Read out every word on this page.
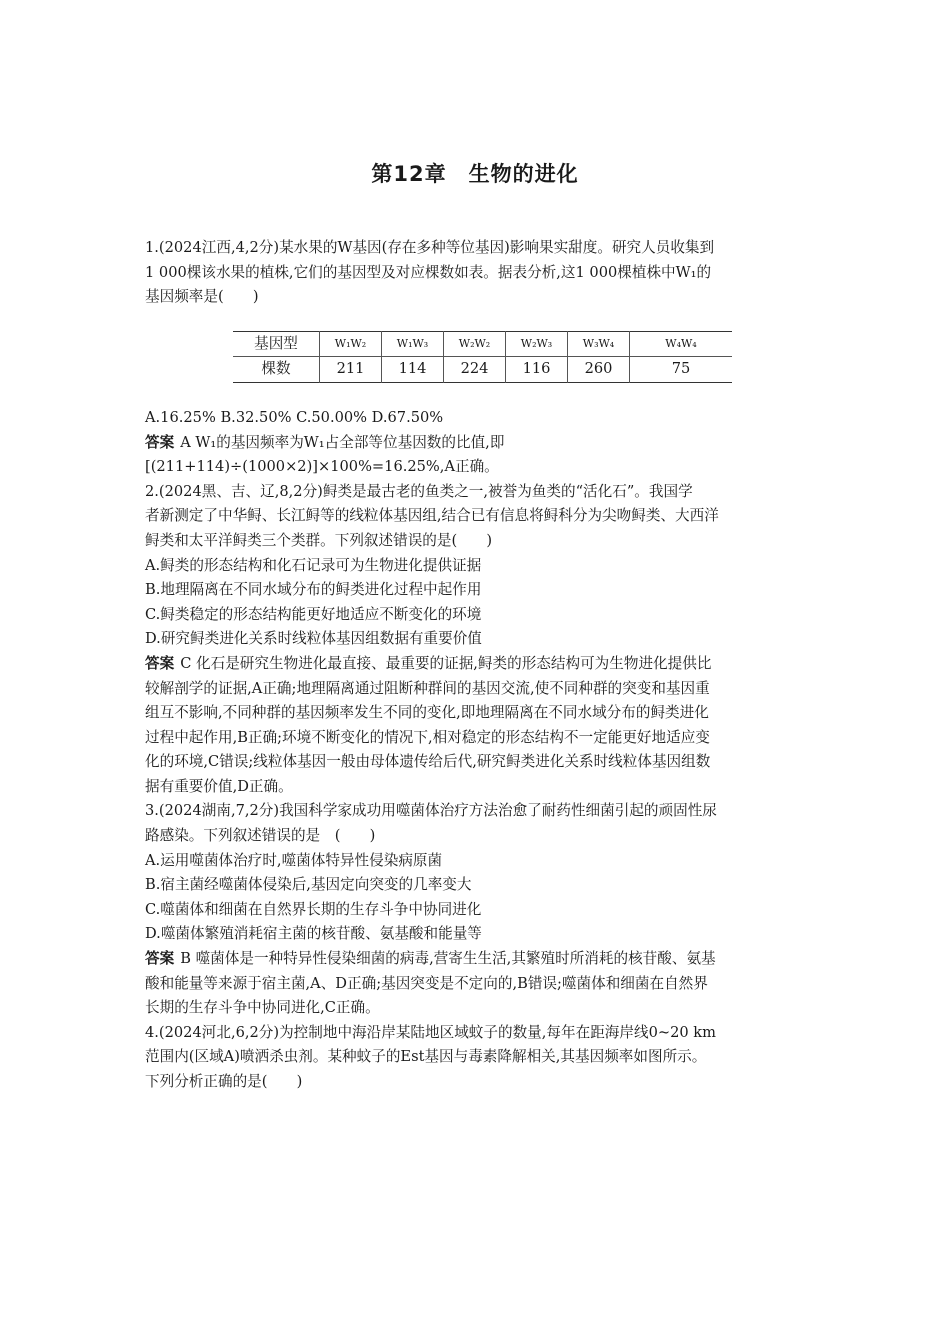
第12章　生物的进化

1.(2024江西,4,2分)某水果的W基因(存在多种等位基因)影响果实甜度。研究人员收集到

1 000棵该水果的植株,它们的基因型及对应棵数如表。据表分析,这1 000棵植株中W₁的

基因频率是(　　)

基因型	W₁W₂	W₁W₃	W₂W₂	W₂W₃	W₃W₄	W₄W₄
棵数	211	114	224	116	260	75

A.16.25% B.32.50% C.50.00% D.67.50%

答案 A W₁的基因频率为W₁占全部等位基因数的比值,即

[(211+114)÷(1000×2)]×100%=16.25%,A正确。

2.(2024黑、吉、辽,8,2分)鲟类是最古老的鱼类之一,被誉为鱼类的“活化石”。我国学

者新测定了中华鲟、长江鲟等的线粒体基因组,结合已有信息将鲟科分为尖吻鲟类、大西洋

鲟类和太平洋鲟类三个类群。下列叙述错误的是(　　)

A.鲟类的形态结构和化石记录可为生物进化提供证据

B.地理隔离在不同水域分布的鲟类进化过程中起作用

C.鲟类稳定的形态结构能更好地适应不断变化的环境

D.研究鲟类进化关系时线粒体基因组数据有重要价值

答案 C 化石是研究生物进化最直接、最重要的证据,鲟类的形态结构可为生物进化提供比

较解剖学的证据,A正确;地理隔离通过阻断种群间的基因交流,使不同种群的突变和基因重

组互不影响,不同种群的基因频率发生不同的变化,即地理隔离在不同水域分布的鲟类进化

过程中起作用,B正确;环境不断变化的情况下,相对稳定的形态结构不一定能更好地适应变

化的环境,C错误;线粒体基因一般由母体遗传给后代,研究鲟类进化关系时线粒体基因组数

据有重要价值,D正确。

3.(2024湖南,7,2分)我国科学家成功用噬菌体治疗方法治愈了耐药性细菌引起的顽固性尿

路感染。下列叙述错误的是　(　　)

A.运用噬菌体治疗时,噬菌体特异性侵染病原菌

B.宿主菌经噬菌体侵染后,基因定向突变的几率变大

C.噬菌体和细菌在自然界长期的生存斗争中协同进化

D.噬菌体繁殖消耗宿主菌的核苷酸、氨基酸和能量等

答案 B 噬菌体是一种特异性侵染细菌的病毒,营寄生生活,其繁殖时所消耗的核苷酸、氨基

酸和能量等来源于宿主菌,A、D正确;基因突变是不定向的,B错误;噬菌体和细菌在自然界

长期的生存斗争中协同进化,C正确。

4.(2024河北,6,2分)为控制地中海沿岸某陆地区域蚊子的数量,每年在距海岸线0~20 km

范围内(区域A)喷洒杀虫剂。某种蚊子的Est基因与毒素降解相关,其基因频率如图所示。

下列分析正确的是(　　)
